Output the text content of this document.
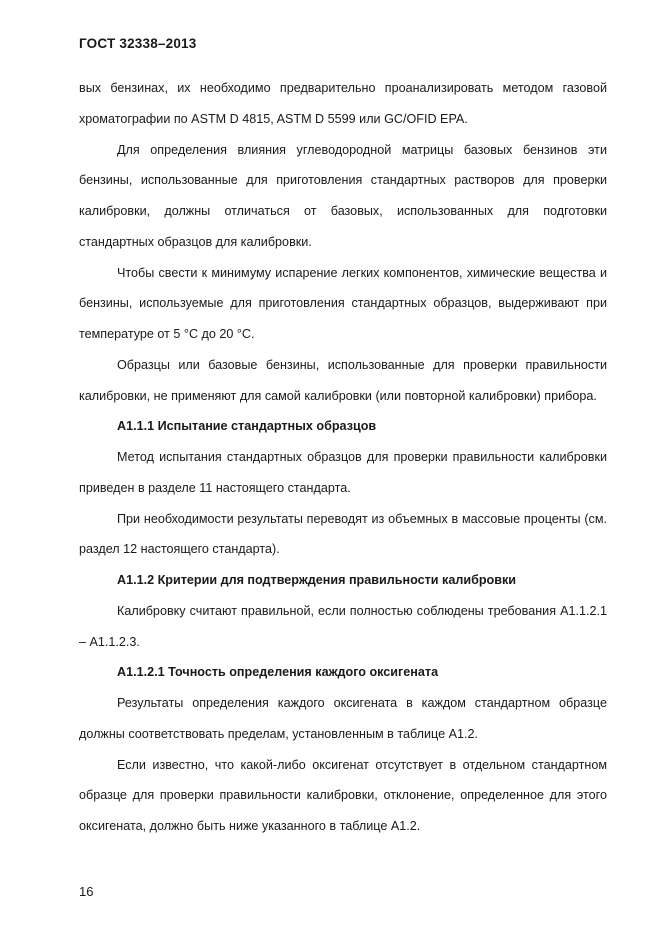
ГОСТ 32338–2013

вых бензинах, их необходимо предварительно проанализировать методом газовой хроматографии по ASTM D 4815, ASTM D 5599 или GC/OFID EPA.

Для определения влияния углеводородной матрицы базовых бензинов эти бензины, использованные для приготовления стандартных растворов для проверки калибровки, должны отличаться от базовых, использованных для подготовки стандартных образцов для калибровки.

Чтобы свести к минимуму испарение легких компонентов, химические вещества и бензины, используемые для приготовления стандартных образцов, выдерживают при температуре от 5 °С до 20 °С.

Образцы или базовые бензины, использованные для проверки правильности калибровки, не применяют для самой калибровки (или повторной калибровки) прибора.

А1.1.1 Испытание стандартных образцов

Метод испытания стандартных образцов для проверки правильности калибровки приведен в разделе 11 настоящего стандарта.

При необходимости результаты переводят из объемных в массовые проценты (см. раздел 12 настоящего стандарта).

А1.1.2 Критерии для подтверждения правильности калибровки

Калибровку считают правильной, если полностью соблюдены требования А1.1.2.1 – А1.1.2.3.

А1.1.2.1 Точность определения каждого оксигената

Результаты определения каждого оксигената в каждом стандартном образце должны соответствовать пределам, установленным в таблице А1.2.

Если известно, что какой-либо оксигенат отсутствует в отдельном стандартном образце для проверки правильности калибровки, отклонение, определенное для этого оксигената, должно быть ниже указанного в таблице А1.2.

16
